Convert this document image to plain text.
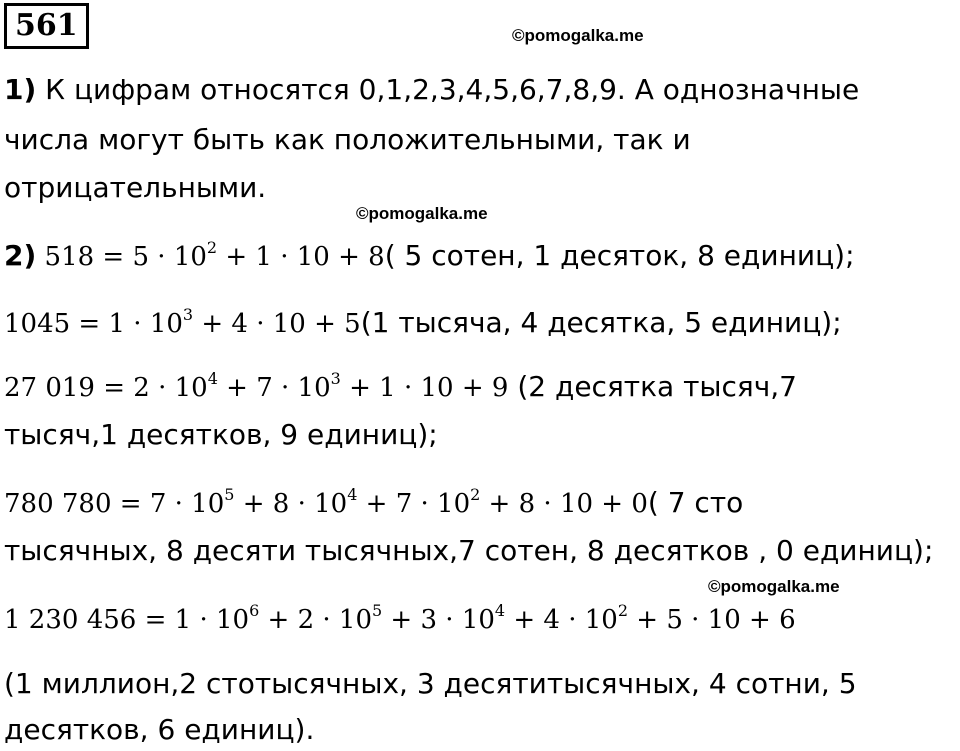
561	©pomogalka.me
©pomogalka.me
©pomogalka.me
1) К цифрам относятся 0,1,2,3,4,5,6,7,8,9. А однозначные
числа могут быть как положительными, так и
отрицательными.
2) $518 = 5 \cdot 10^2 + 1 \cdot 10 + 8$( 5 сотен, 1 десяток, 8 единиц);
$1045 = 1 \cdot 10^3 + 4 \cdot 10 + 5(1$ тысяча, 4 десятка, 5 единиц);
27 $019 = 2 \cdot 10^4 + 7 \cdot 10^3 + 1 \cdot 10 + 9$ (2 десятка тысяч,7
тысяч,1 десятков, 9 единиц);
780 $780 = 7 \cdot 10^5 + 8 \cdot 10^4 + 7 \cdot 10^2 + 8 \cdot 10 + 0$( 7 сто
тысячных, 8 десяти тысячных,7 сотен, 8 десятков , 0 единиц);
1 230 $456 = 1 \cdot 10^6 + 2 \cdot 10^5 + 3 \cdot 10^4 + 4 \cdot 10^2 + 5 \cdot 10 + 6$
(1 миллион,2 стотысячных, 3 десятитысячных, 4 сотни, 5
десятков, 6 единиц).
